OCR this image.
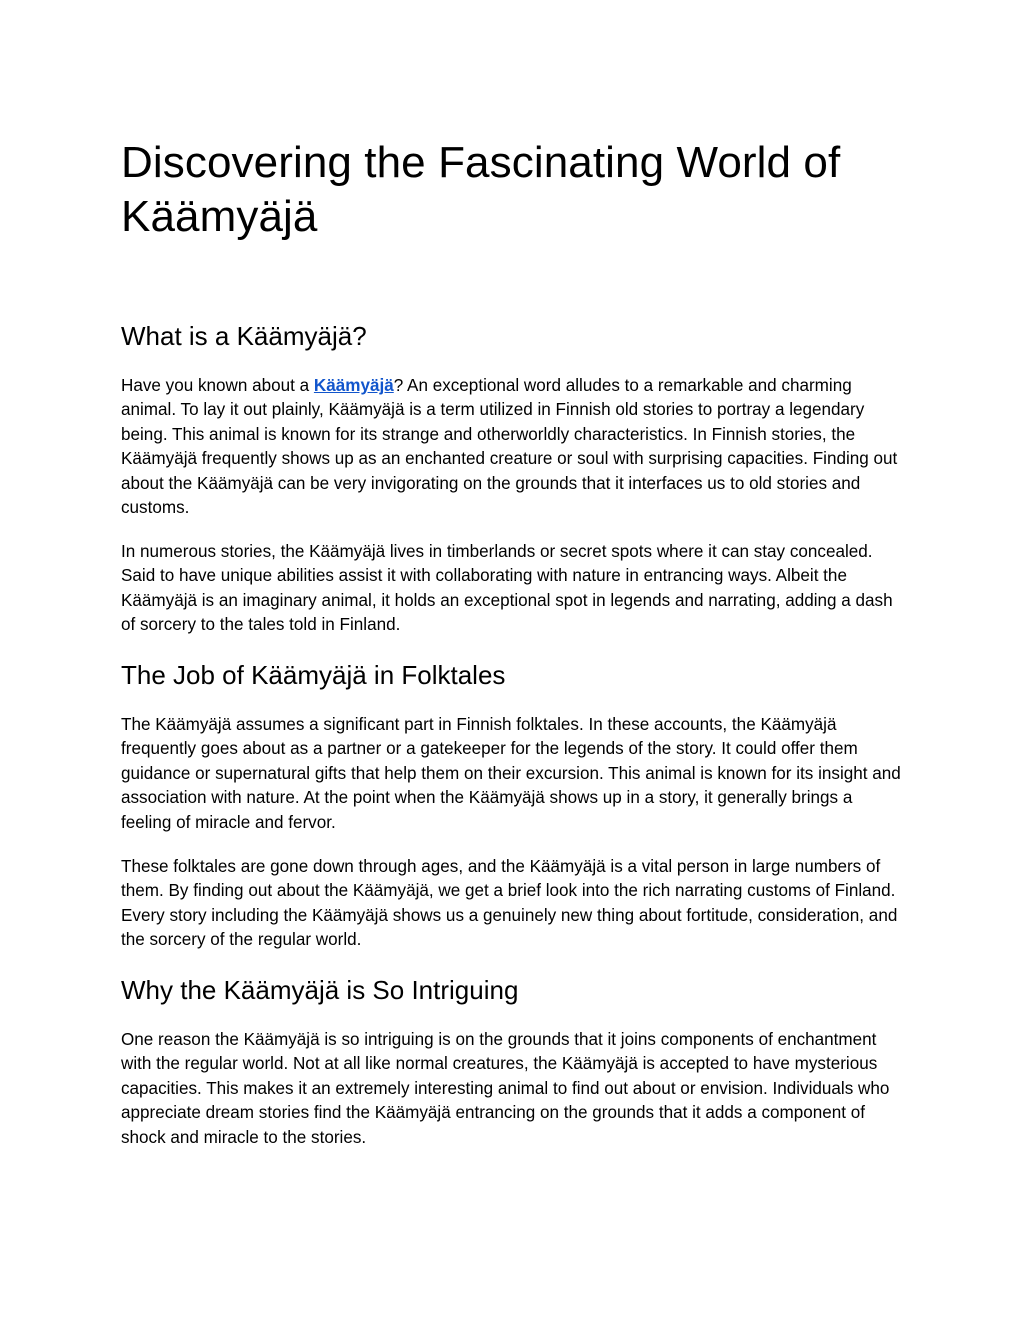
Discovering the Fascinating World of Käämyäjä
What is a Käämyäjä?

Have you known about a Käämyäjä? An exceptional word alludes to a remarkable and charming animal. To lay it out plainly, Käämyäjä is a term utilized in Finnish old stories to portray a legendary being. This animal is known for its strange and otherworldly characteristics. In Finnish stories, the Käämyäjä frequently shows up as an enchanted creature or soul with surprising capacities. Finding out about the Käämyäjä can be very invigorating on the grounds that it interfaces us to old stories and customs.

In numerous stories, the Käämyäjä lives in timberlands or secret spots where it can stay concealed. Said to have unique abilities assist it with collaborating with nature in entrancing ways. Albeit the Käämyäjä is an imaginary animal, it holds an exceptional spot in legends and narrating, adding a dash of sorcery to the tales told in Finland.

The Job of Käämyäjä in Folktales

The Käämyäjä assumes a significant part in Finnish folktales. In these accounts, the Käämyäjä frequently goes about as a partner or a gatekeeper for the legends of the story. It could offer them guidance or supernatural gifts that help them on their excursion. This animal is known for its insight and association with nature. At the point when the Käämyäjä shows up in a story, it generally brings a feeling of miracle and fervor.

These folktales are gone down through ages, and the Käämyäjä is a vital person in large numbers of them. By finding out about the Käämyäjä, we get a brief look into the rich narrating customs of Finland. Every story including the Käämyäjä shows us a genuinely new thing about fortitude, consideration, and the sorcery of the regular world.

Why the Käämyäjä is So Intriguing

One reason the Käämyäjä is so intriguing is on the grounds that it joins components of enchantment with the regular world. Not at all like normal creatures, the Käämyäjä is accepted to have mysterious capacities. This makes it an extremely interesting animal to find out about or envision. Individuals who appreciate dream stories find the Käämyäjä entrancing on the grounds that it adds a component of shock and miracle to the stories.
